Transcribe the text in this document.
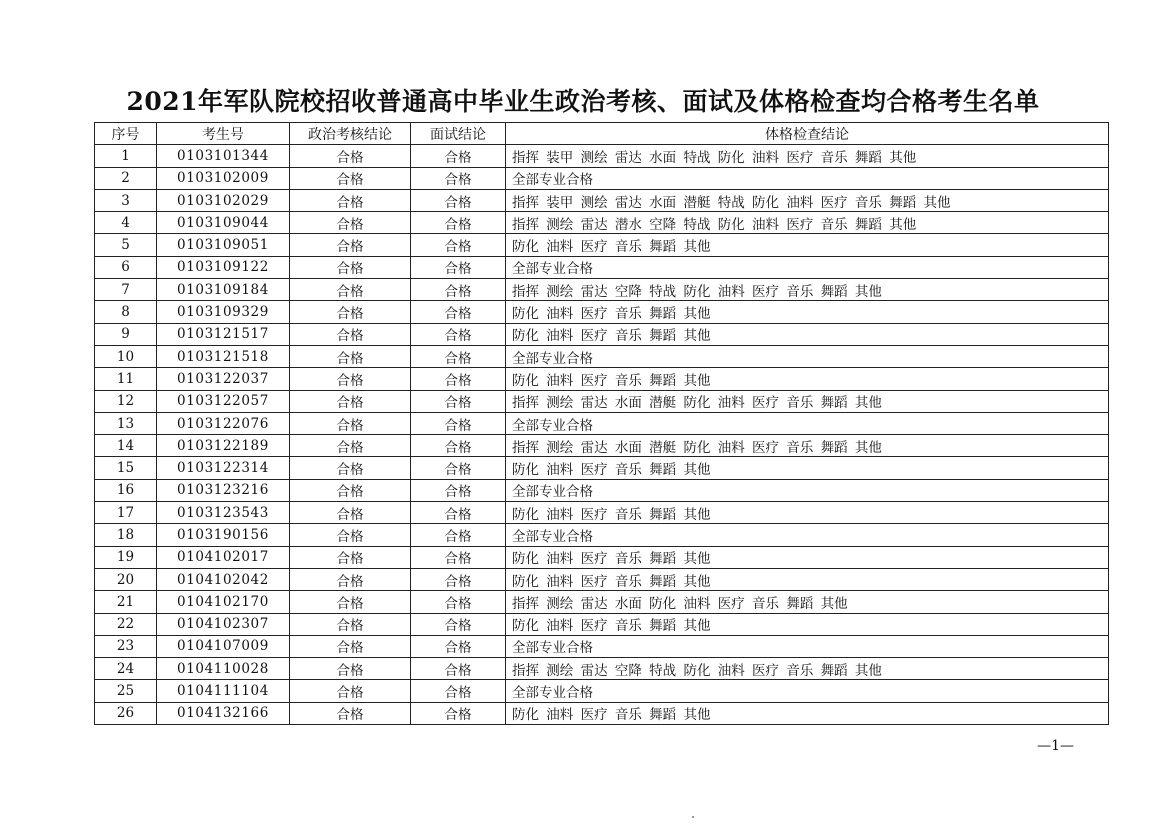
2021年军队院校招收普通高中毕业生政治考核、面试及体格检查均合格考生名单
序号	考生号	政治考核结论	面试结论	体格检查结论
1	0103101344	合格	合格	指挥 装甲 测绘 雷达 水面 特战 防化 油料 医疗 音乐 舞蹈 其他
2	0103102009	合格	合格	全部专业合格
3	0103102029	合格	合格	指挥 装甲 测绘 雷达 水面 潜艇 特战 防化 油料 医疗 音乐 舞蹈 其他
4	0103109044	合格	合格	指挥 测绘 雷达 潜水 空降 特战 防化 油料 医疗 音乐 舞蹈 其他
5	0103109051	合格	合格	防化 油料 医疗 音乐 舞蹈 其他
6	0103109122	合格	合格	全部专业合格
7	0103109184	合格	合格	指挥 测绘 雷达 空降 特战 防化 油料 医疗 音乐 舞蹈 其他
8	0103109329	合格	合格	防化 油料 医疗 音乐 舞蹈 其他
9	0103121517	合格	合格	防化 油料 医疗 音乐 舞蹈 其他
10	0103121518	合格	合格	全部专业合格
11	0103122037	合格	合格	防化 油料 医疗 音乐 舞蹈 其他
12	0103122057	合格	合格	指挥 测绘 雷达 水面 潜艇 防化 油料 医疗 音乐 舞蹈 其他
13	0103122076	合格	合格	全部专业合格
14	0103122189	合格	合格	指挥 测绘 雷达 水面 潜艇 防化 油料 医疗 音乐 舞蹈 其他
15	0103122314	合格	合格	防化 油料 医疗 音乐 舞蹈 其他
16	0103123216	合格	合格	全部专业合格
17	0103123543	合格	合格	防化 油料 医疗 音乐 舞蹈 其他
18	0103190156	合格	合格	全部专业合格
19	0104102017	合格	合格	防化 油料 医疗 音乐 舞蹈 其他
20	0104102042	合格	合格	防化 油料 医疗 音乐 舞蹈 其他
21	0104102170	合格	合格	指挥 测绘 雷达 水面 防化 油料 医疗 音乐 舞蹈 其他
22	0104102307	合格	合格	防化 油料 医疗 音乐 舞蹈 其他
23	0104107009	合格	合格	全部专业合格
24	0104110028	合格	合格	指挥 测绘 雷达 空降 特战 防化 油料 医疗 音乐 舞蹈 其他
25	0104111104	合格	合格	全部专业合格
26	0104132166	合格	合格	防化 油料 医疗 音乐 舞蹈 其他
—1—
